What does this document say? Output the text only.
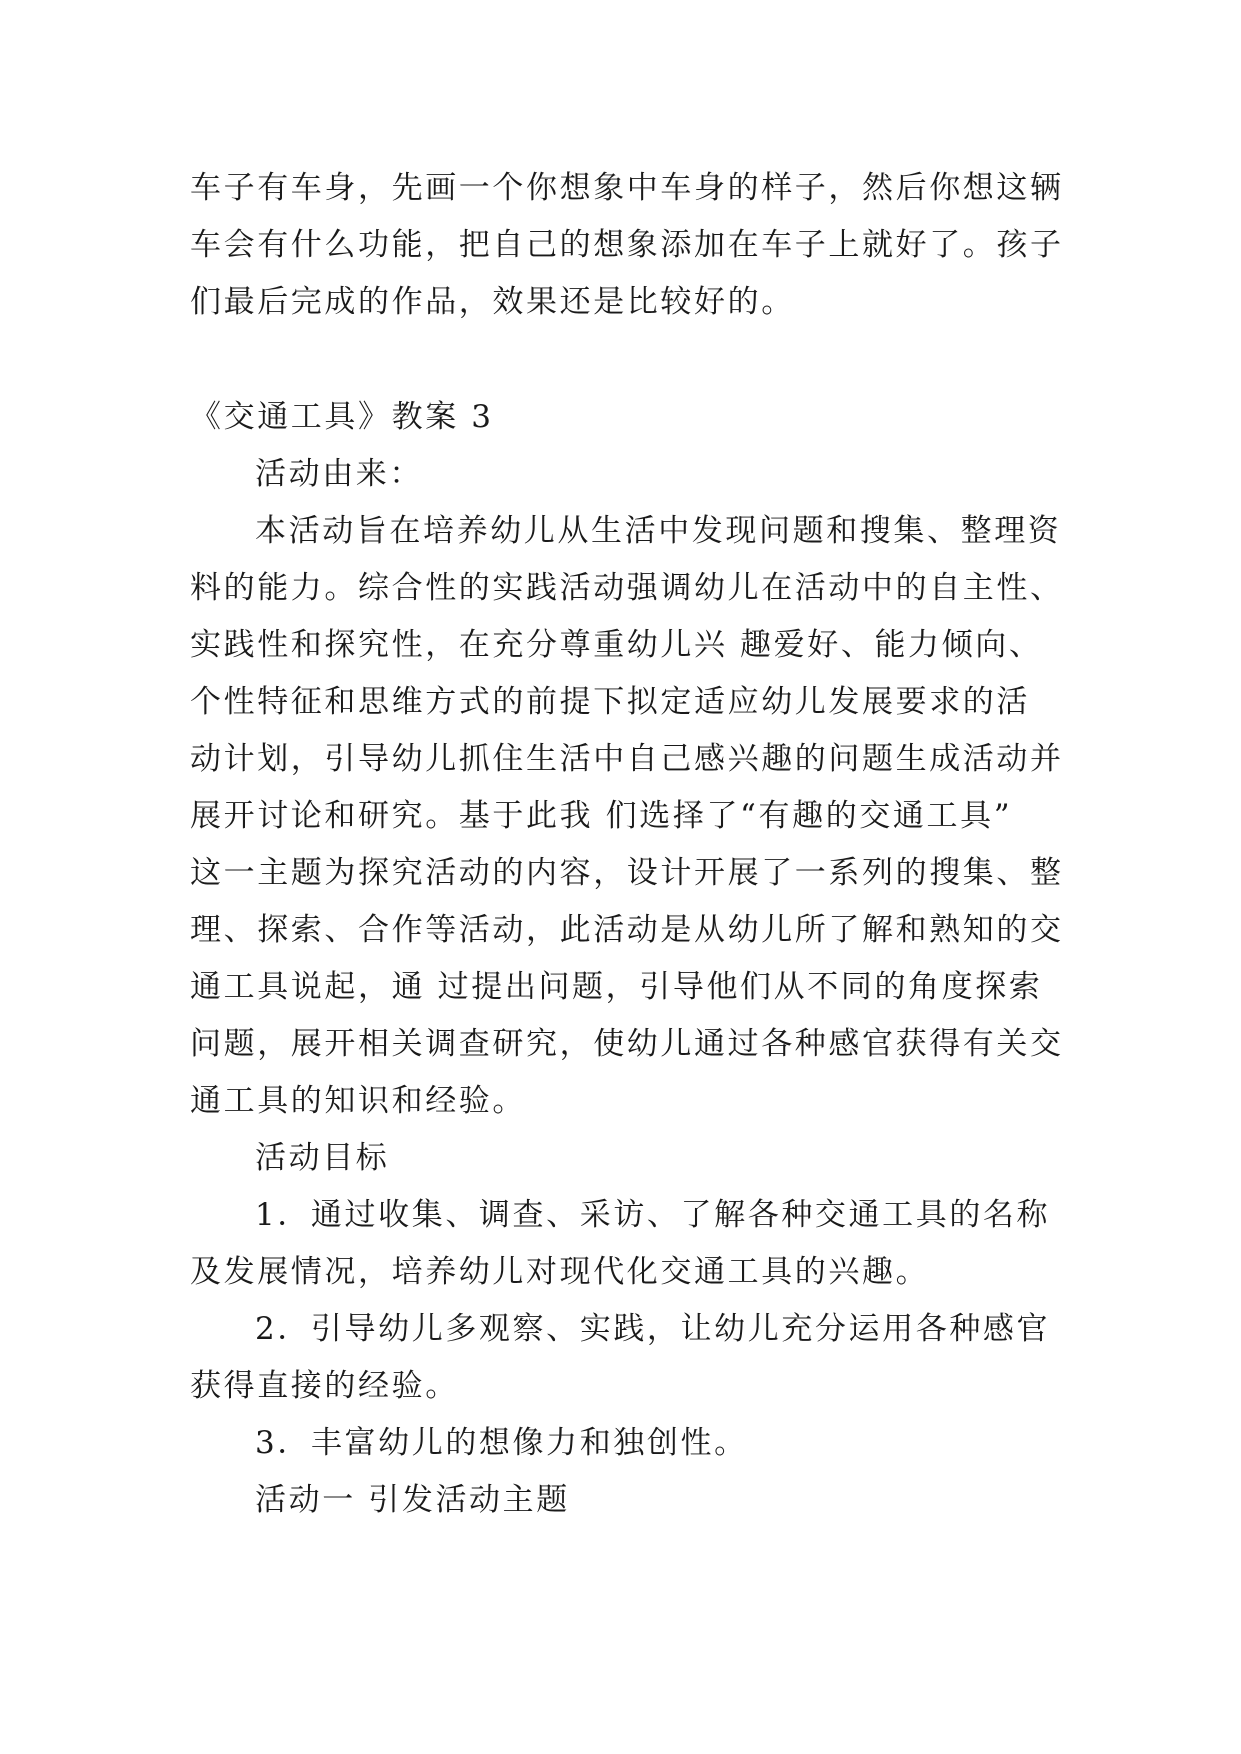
车子有车身，先画一个你想象中车身的样子，然后你想这辆
车会有什么功能，把自己的想象添加在车子上就好了。孩子
们最后完成的作品，效果还是比较好的。
《交通工具》教案 3
活动由来：
本活动旨在培养幼儿从生活中发现问题和搜集、整理资
料的能力。综合性的实践活动强调幼儿在活动中的自主性、
实践性和探究性，在充分尊重幼儿兴 趣爱好、能力倾向、
个性特征和思维方式的前提下拟定适应幼儿发展要求的活
动计划，引导幼儿抓住生活中自己感兴趣的问题生成活动并
展开讨论和研究。基于此我 们选择了“有趣的交通工具”
这一主题为探究活动的内容，设计开展了一系列的搜集、整
理、探索、合作等活动，此活动是从幼儿所了解和熟知的交
通工具说起，通 过提出问题，引导他们从不同的角度探索
问题，展开相关调查研究，使幼儿通过各种感官获得有关交
通工具的知识和经验。
活动目标
1．通过收集、调查、采访、了解各种交通工具的名称
及发展情况，培养幼儿对现代化交通工具的兴趣。
2．引导幼儿多观察、实践，让幼儿充分运用各种感官
获得直接的经验。
3．丰富幼儿的想像力和独创性。
活动一 引发活动主题
